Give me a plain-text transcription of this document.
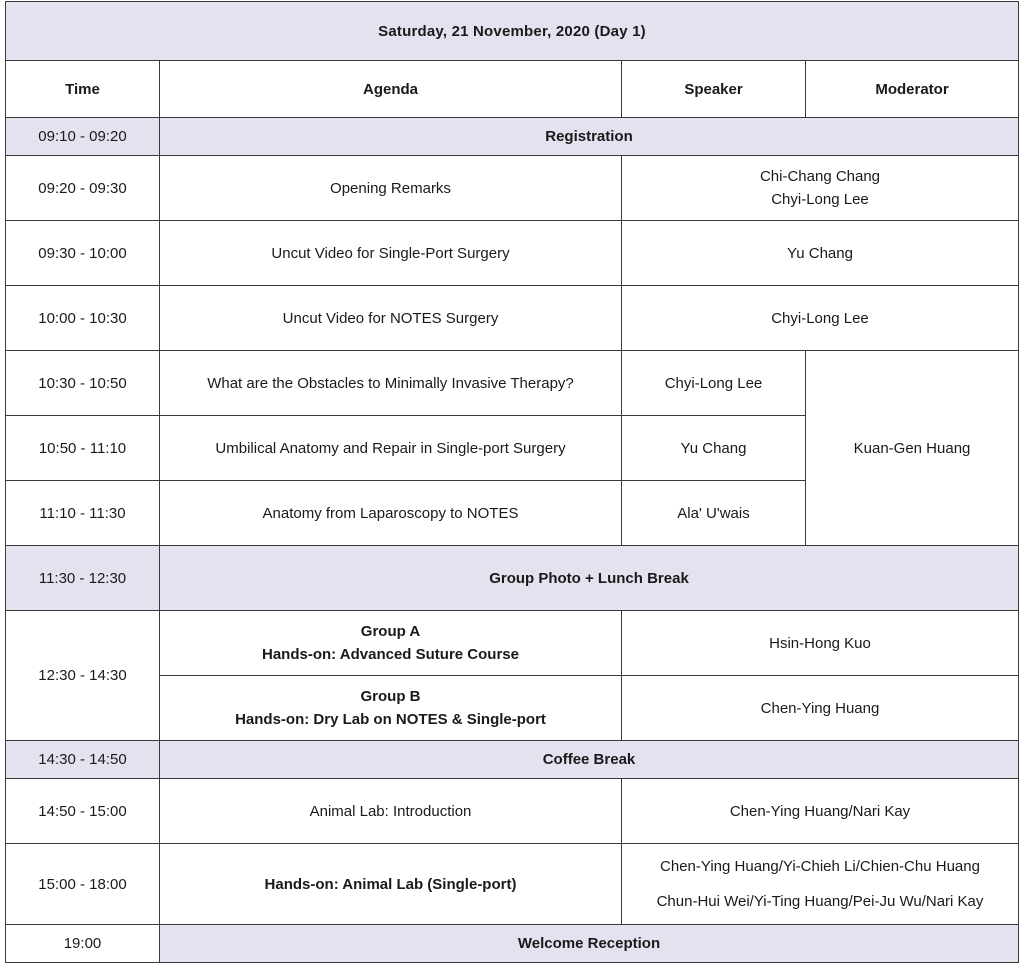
Saturday, 21 November, 2020 (Day 1)			
Time	Agenda	Speaker	Moderator
09:10 - 09:20	Registration		
09:20 - 09:30	Opening Remarks	Chi-Chang Chang
Chyi-Long Lee	

09:30 - 10:00	Uncut Video for Single-Port Surgery	Yu Chang	
10:00 - 10:30	Uncut Video for NOTES Surgery	Chyi-Long Lee	
10:30 - 10:50	What are the Obstacles to Minimally Invasive Therapy?	Chyi-Long Lee	Kuan-Gen Huang
10:50 - 11:10	Umbilical Anatomy and Repair in Single-port Surgery	Yu Chang	
11:10 - 11:30	Anatomy from Laparoscopy to NOTES	Ala' U'wais	
11:30 - 12:30	Group Photo + Lunch Break		
12:30 - 14:30	Group A
Hands-on: Advanced Suture Course	Hsin-Hong Kuo	

	Group B
Hands-on: Dry Lab on NOTES & Single-port	Chen-Ying Huang	
14:30 - 14:50	Coffee Break		
14:50 - 15:00	Animal Lab: Introduction	Chen-Ying Huang/Nari Kay	
15:00 - 18:00	Hands-on: Animal Lab (Single-port)	Chen-Ying Huang/Yi-Chieh Li/Chien-Chu Huang
Chun-Hui Wei/Yi-Ting Huang/Pei-Ju Wu/Nari Kay	

19:00	Welcome Reception		
